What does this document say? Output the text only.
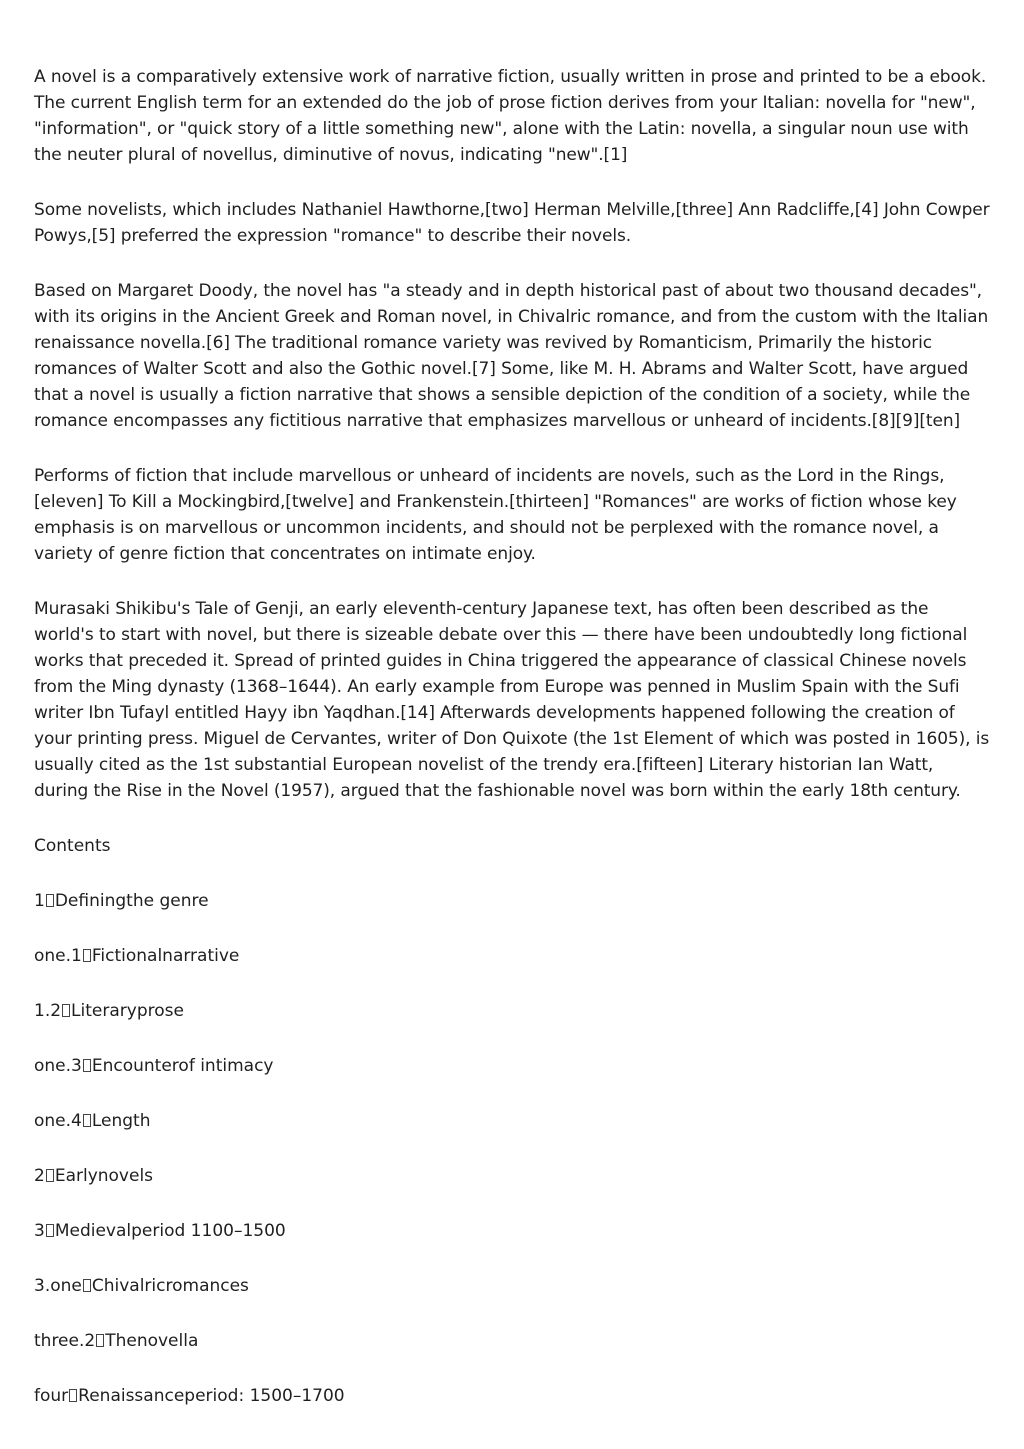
A novel is a comparatively extensive work of narrative fiction, usually written in prose and printed to be a ebook. The current English term for an extended do the job of prose fiction derives from your Italian: novella for "new", "information", or "quick story of a little something new", alone with the Latin: novella, a singular noun use with the neuter plural of novellus, diminutive of novus, indicating "new".[1]

Some novelists, which includes Nathaniel Hawthorne,[two] Herman Melville,[three] Ann Radcliffe,[4] John Cowper Powys,[5] preferred the expression "romance" to describe their novels.

Based on Margaret Doody, the novel has "a steady and in depth historical past of about two thousand decades", with its origins in the Ancient Greek and Roman novel, in Chivalric romance, and from the custom with the Italian renaissance novella.[6] The traditional romance variety was revived by Romanticism, Primarily the historic romances of Walter Scott and also the Gothic novel.[7] Some, like M. H. Abrams and Walter Scott, have argued that a novel is usually a fiction narrative that shows a sensible depiction of the condition of a society, while the romance encompasses any fictitious narrative that emphasizes marvellous or unheard of incidents.[8][9][ten]

Performs of fiction that include marvellous or unheard of incidents are novels, such as the Lord in the Rings,[eleven] To Kill a Mockingbird,[twelve] and Frankenstein.[thirteen] "Romances" are works of fiction whose key emphasis is on marvellous or uncommon incidents, and should not be perplexed with the romance novel, a variety of genre fiction that concentrates on intimate enjoy.

Murasaki Shikibu's Tale of Genji, an early eleventh-century Japanese text, has often been described as the world's to start with novel, but there is sizeable debate over this — there have been undoubtedly long fictional works that preceded it. Spread of printed guides in China triggered the appearance of classical Chinese novels from the Ming dynasty (1368–1644). An early example from Europe was penned in Muslim Spain with the Sufi writer Ibn Tufayl entitled Hayy ibn Yaqdhan.[14] Afterwards developments happened following the creation of your printing press. Miguel de Cervantes, writer of Don Quixote (the 1st Element of which was posted in 1605), is usually cited as the 1st substantial European novelist of the trendy era.[fifteen] Literary historian Ian Watt, during the Rise in the Novel (1957), argued that the fashionable novel was born within the early 18th century.

Contents
1 Definingthe genre
one.1 Fictionalnarrative
1.2 Literaryprose
one.3 Encounterof intimacy
one.4 Length
2 Earlynovels
3 Medievalperiod 1100–1500
3.one Chivalricromances
three.2 Thenovella
four Renaissanceperiod: 1500–1700
